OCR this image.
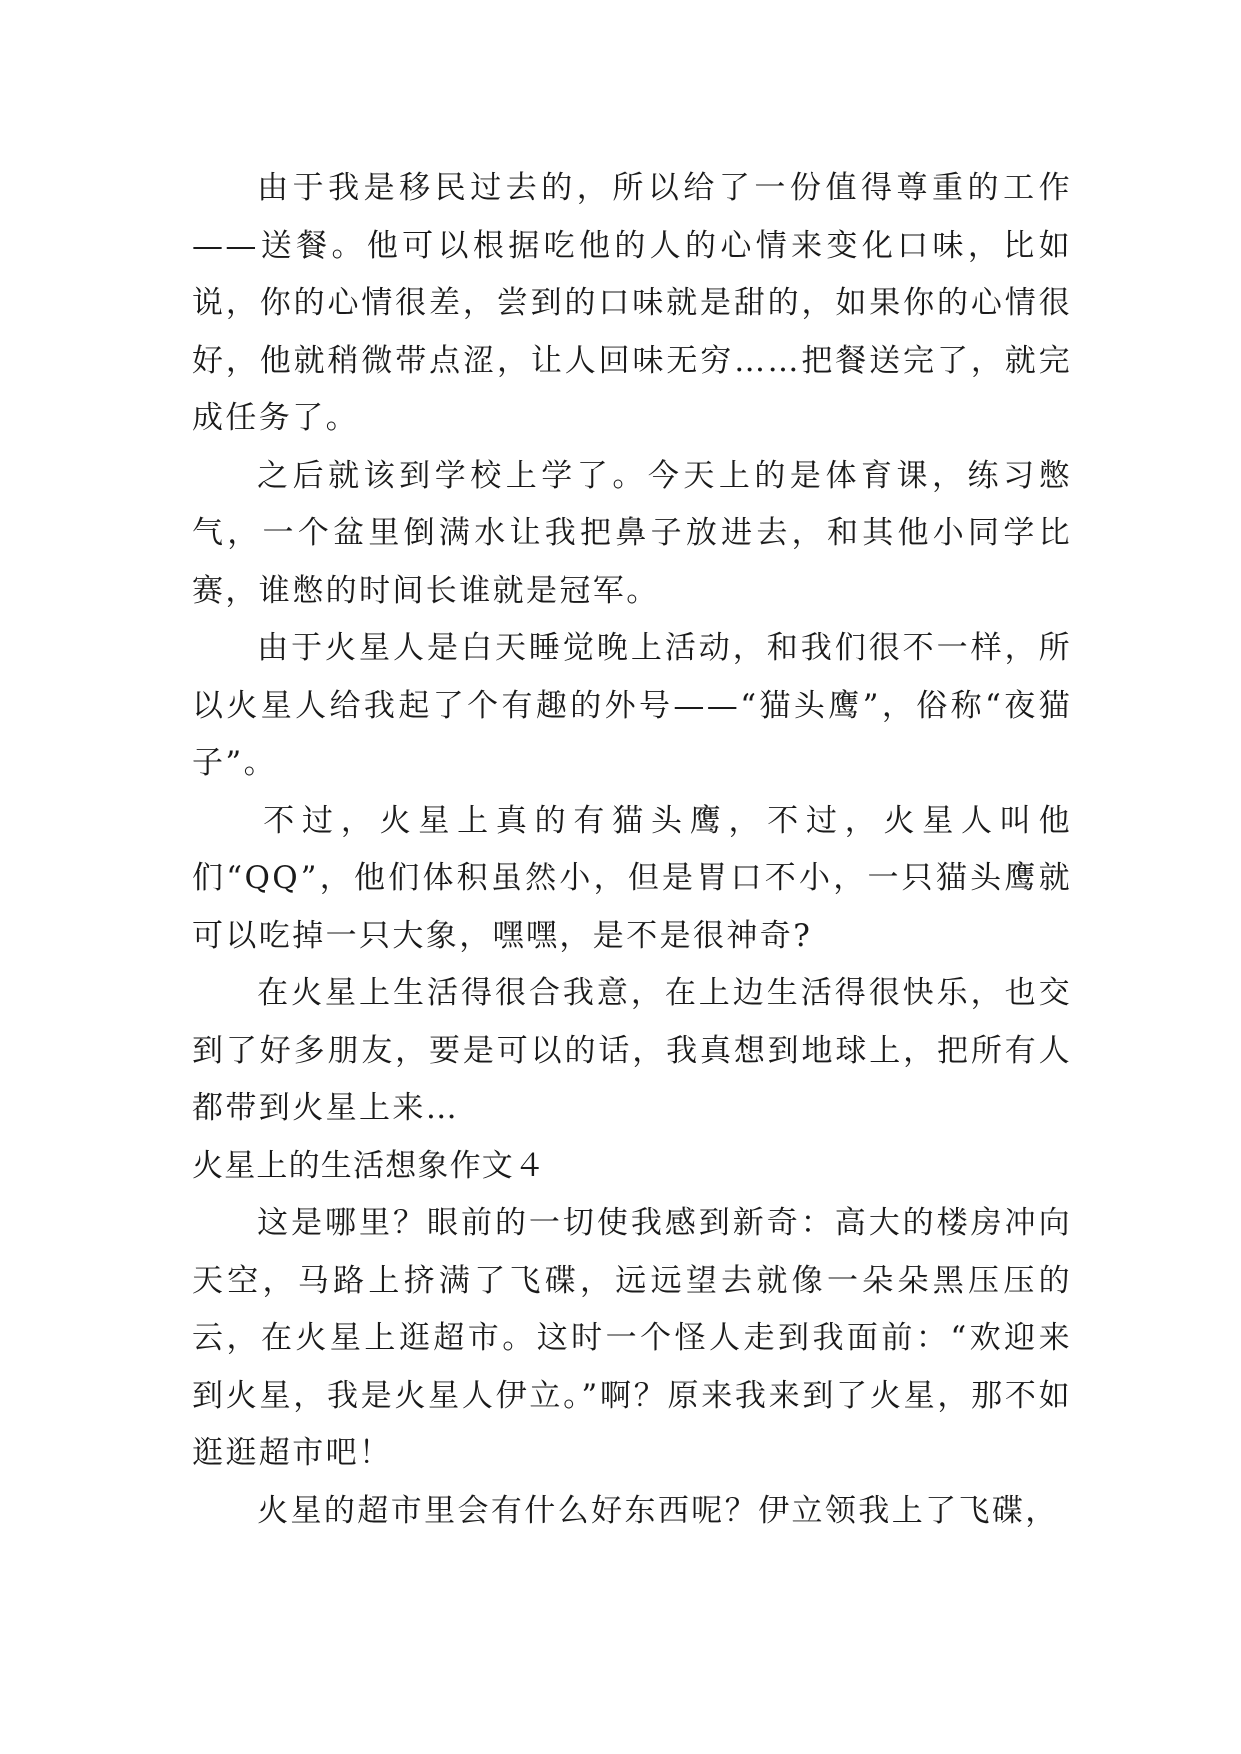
由于我是移民过去的，所以给了一份值得尊重的工作——送餐。他可以根据吃他的人的心情来变化口味，比如说，你的心情很差，尝到的口味就是甜的，如果你的心情很好，他就稍微带点涩，让人回味无穷……把餐送完了，就完成任务了。

之后就该到学校上学了。今天上的是体育课，练习憋气，一个盆里倒满水让我把鼻子放进去，和其他小同学比赛，谁憋的时间长谁就是冠军。

由于火星人是白天睡觉晚上活动，和我们很不一样，所以火星人给我起了个有趣的外号——“猫头鹰”，俗称“夜猫子”。

不过，火星上真的有猫头鹰，不过，火星人叫他们“QQ”，他们体积虽然小，但是胃口不小，一只猫头鹰就可以吃掉一只大象，嘿嘿，是不是很神奇?

在火星上生活得很合我意，在上边生活得很快乐，也交到了好多朋友，要是可以的话，我真想到地球上，把所有人都带到火星上来…

火星上的生活想象作文４

这是哪里？眼前的一切使我感到新奇：高大的楼房冲向天空，马路上挤满了飞碟，远远望去就像一朵朵黑压压的云，在火星上逛超市。这时一个怪人走到我面前：“欢迎来到火星，我是火星人伊立。”啊？原来我来到了火星，那不如逛逛超市吧！

火星的超市里会有什么好东西呢？伊立领我上了飞碟，
